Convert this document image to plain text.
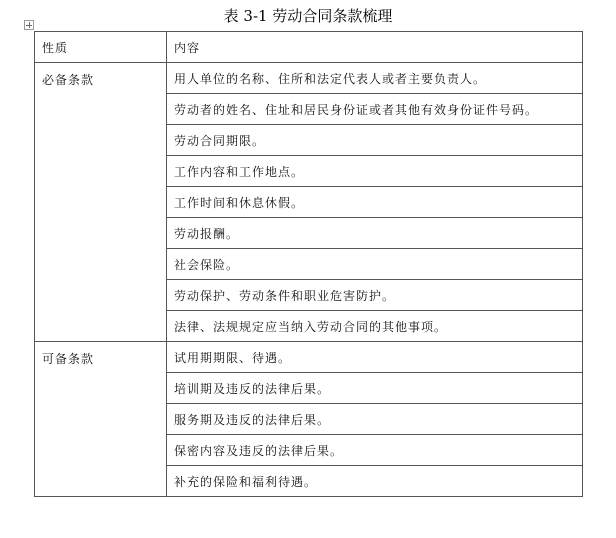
表 3-1 劳动合同条款梳理
性质	内容
必备条款	用人单位的名称、住所和法定代表人或者主要负责人。
	劳动者的姓名、住址和居民身份证或者其他有效身份证件号码。
	劳动合同期限。
	工作内容和工作地点。
	工作时间和休息休假。
	劳动报酬。
	社会保险。
	劳动保护、劳动条件和职业危害防护。
	法律、法规规定应当纳入劳动合同的其他事项。
可备条款	试用期期限、待遇。
	培训期及违反的法律后果。
	服务期及违反的法律后果。
	保密内容及违反的法律后果。
	补充的保险和福利待遇。
